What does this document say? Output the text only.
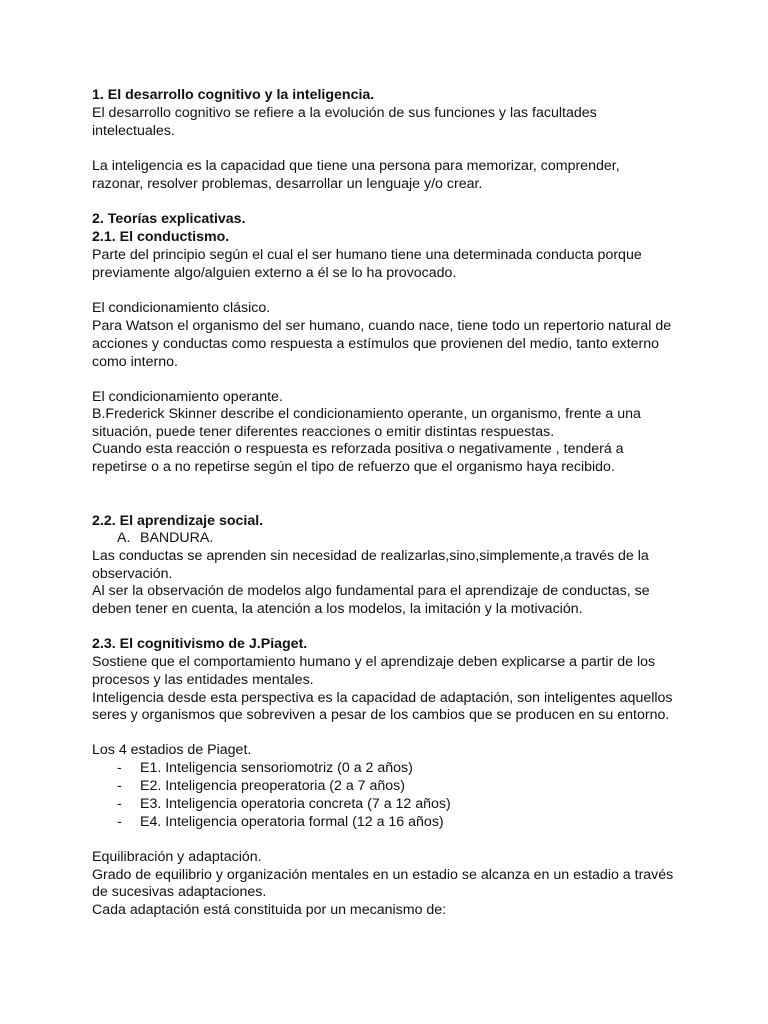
1. El desarrollo cognitivo y la inteligencia.

El desarrollo cognitivo se refiere a la evolución de sus funciones y las facultades

intelectuales.

La inteligencia es la capacidad que tiene una persona para memorizar, comprender,

razonar, resolver problemas, desarrollar un lenguaje y/o crear.

2. Teorías explicativas.

2.1. El conductismo.

Parte del principio según el cual el ser humano tiene una determinada conducta porque

previamente algo/alguien externo a él se lo ha provocado.

El condicionamiento clásico.

Para Watson el organismo del ser humano, cuando nace, tiene todo un repertorio natural de

acciones y conductas como respuesta a estímulos que provienen del medio, tanto externo

como interno.

El condicionamiento operante.

B.Frederick Skinner describe el condicionamiento operante, un organismo, frente a una

situación, puede tener diferentes reacciones o emitir distintas respuestas.

Cuando esta reacción o respuesta es reforzada positiva o negativamente , tenderá a

repetirse o a no repetirse según el tipo de refuerzo que el organismo haya recibido.

2.2. El aprendizaje social.

A. BANDURA.

Las conductas se aprenden sin necesidad de realizarlas,sino,simplemente,a través de la

observación.

Al ser la observación de modelos algo fundamental para el aprendizaje de conductas, se

deben tener en cuenta, la atención a los modelos, la imitación y la motivación.

2.3. El cognitivismo de J.Piaget.

Sostiene que el comportamiento humano y el aprendizaje deben explicarse a partir de los

procesos y las entidades mentales.

Inteligencia desde esta perspectiva es la capacidad de adaptación, son inteligentes aquellos

seres y organismos que sobreviven a pesar de los cambios que se producen en su entorno.

Los 4 estadios de Piaget.

- E1. Inteligencia sensoriomotriz (0 a 2 años)
- E2. Inteligencia preoperatoria (2 a 7 años)
- E3. Inteligencia operatoria concreta (7 a 12 años)
- E4. Inteligencia operatoria formal (12 a 16 años)

Equilibración y adaptación.

Grado de equilibrio y organización mentales en un estadio se alcanza en un estadio a través

de sucesivas adaptaciones.

Cada adaptación está constituida por un mecanismo de:
